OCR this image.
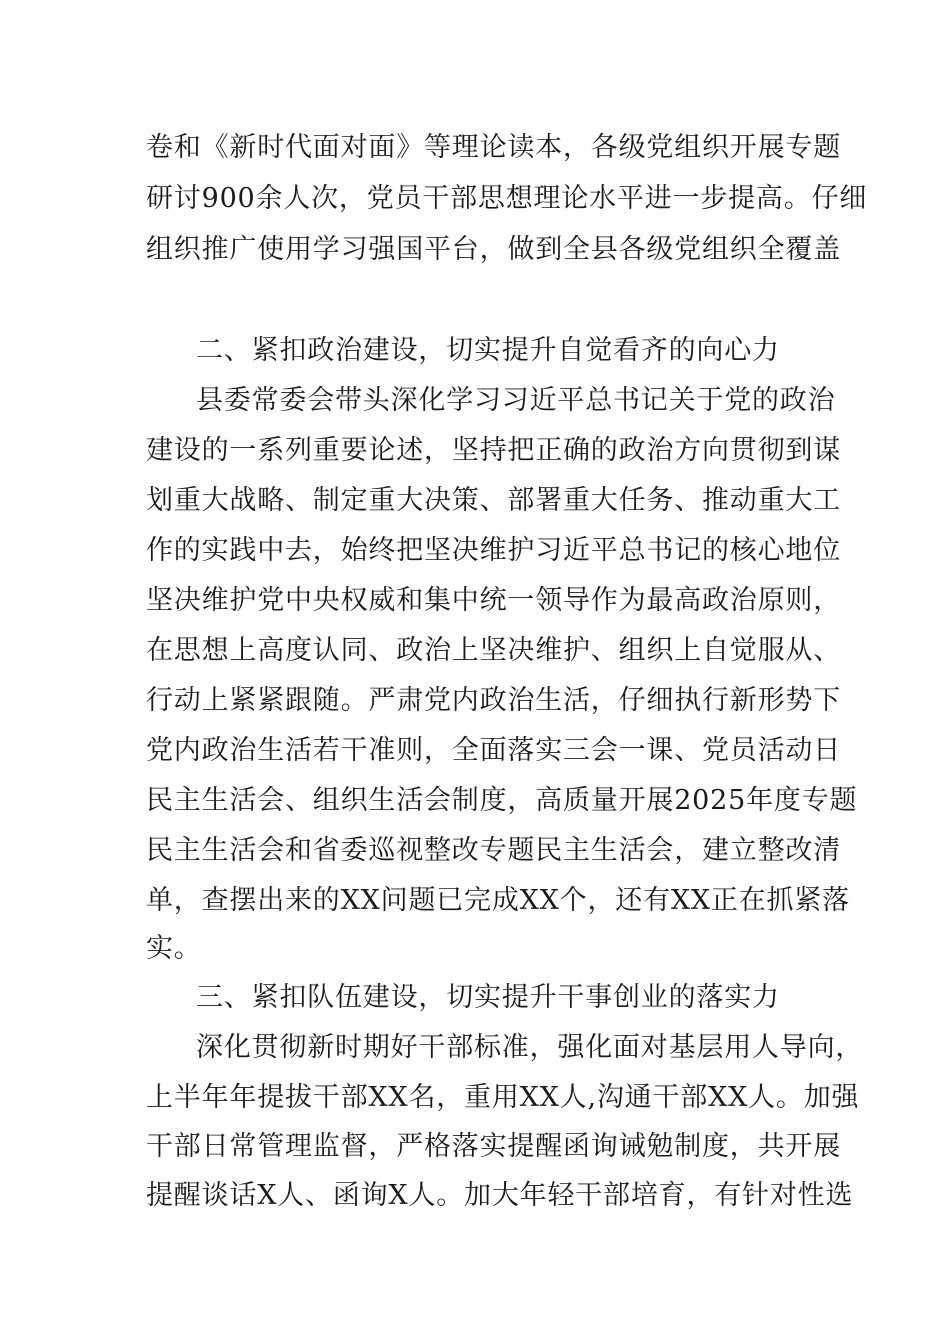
卷和《新时代面对面》等理论读本，各级党组织开展专题

研讨900余人次，党员干部思想理论水平进一步提高。仔细

组织推广使用学习强国平台，做到全县各级党组织全覆盖

二、紧扣政治建设，切实提升自觉看齐的向心力

县委常委会带头深化学习习近平总书记关于党的政治

建设的一系列重要论述，坚持把正确的政治方向贯彻到谋

划重大战略、制定重大决策、部署重大任务、推动重大工

作的实践中去，始终把坚决维护习近平总书记的核心地位

坚决维护党中央权威和集中统一领导作为最高政治原则，

在思想上高度认同、政治上坚决维护、组织上自觉服从、

行动上紧紧跟随。严肃党内政治生活，仔细执行新形势下

党内政治生活若干准则，全面落实三会一课、党员活动日

民主生活会、组织生活会制度，高质量开展2025年度专题

民主生活会和省委巡视整改专题民主生活会，建立整改清

单，查摆出来的XX问题已完成XX个，还有XX正在抓紧落

实。

三、紧扣队伍建设，切实提升干事创业的落实力

深化贯彻新时期好干部标准，强化面对基层用人导向，

上半年年提拔干部XX名，重用XX人,沟通干部XX人。加强

干部日常管理监督，严格落实提醒函询诫勉制度，共开展

提醒谈话X人、函询X人。加大年轻干部培育，有针对性选
